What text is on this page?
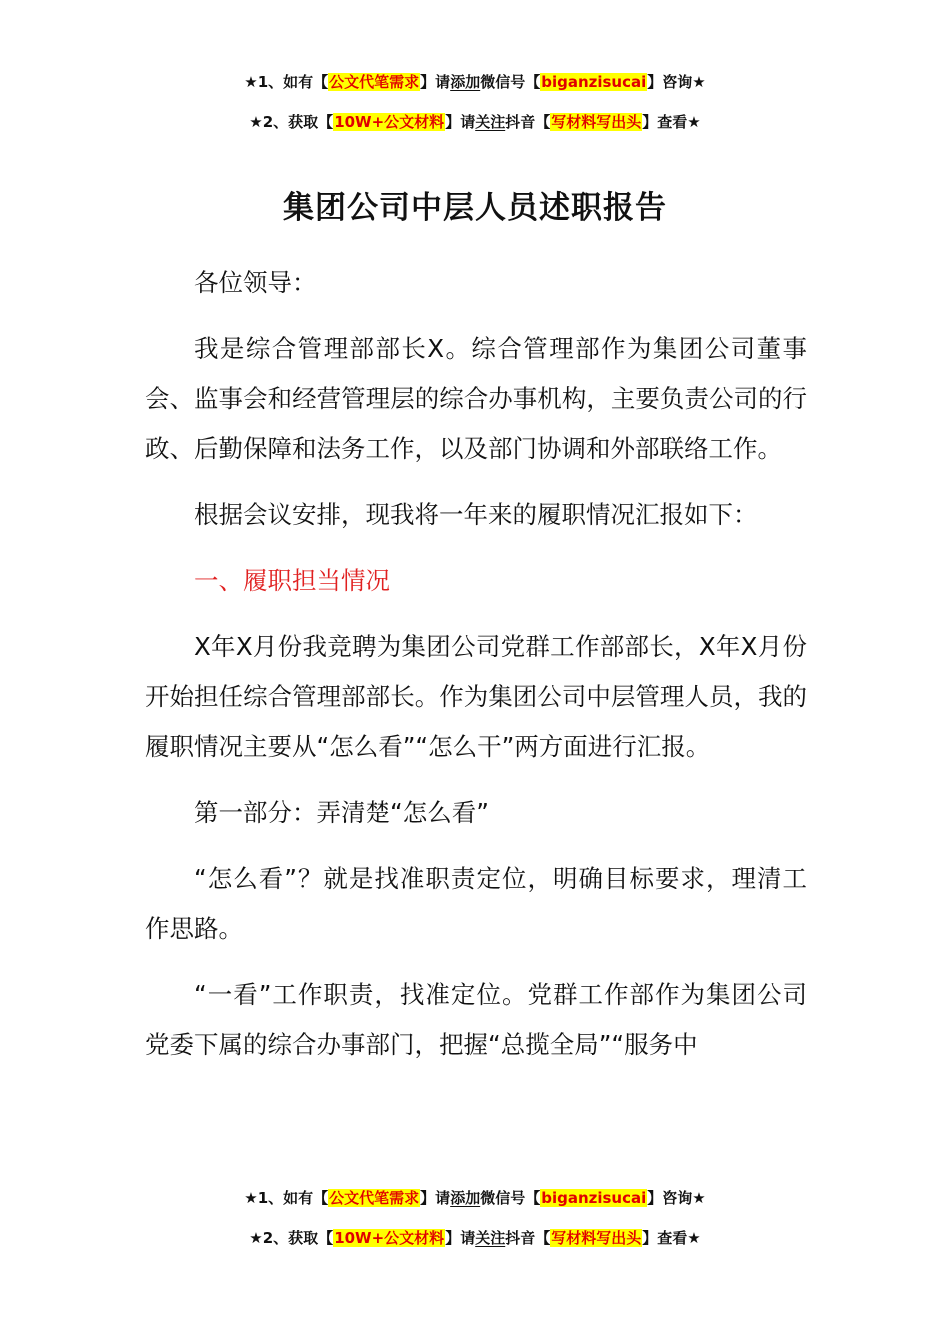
★1、如有【公文代笔需求】请添加微信号【biganzisucai】咨询★
★2、获取【10W+公文材料】请关注抖音【写材料写出头】查看★
集团公司中层人员述职报告

各位领导：

我是综合管理部部长X。综合管理部作为集团公司董事会、监事会和经营管理层的综合办事机构，主要负责公司的行政、后勤保障和法务工作，以及部门协调和外部联络工作。

根据会议安排，现我将一年来的履职情况汇报如下：

一、履职担当情况

X年X月份我竞聘为集团公司党群工作部部长，X年X月份开始担任综合管理部部长。作为集团公司中层管理人员，我的履职情况主要从“怎么看”“怎么干”两方面进行汇报。

第一部分：弄清楚“怎么看”

“怎么看”？就是找准职责定位，明确目标要求，理清工作思路。

“一看”工作职责，找准定位。党群工作部作为集团公司党委下属的综合办事部门，把握“总揽全局”“服务中

★1、如有【公文代笔需求】请添加微信号【biganzisucai】咨询★
★2、获取【10W+公文材料】请关注抖音【写材料写出头】查看★
